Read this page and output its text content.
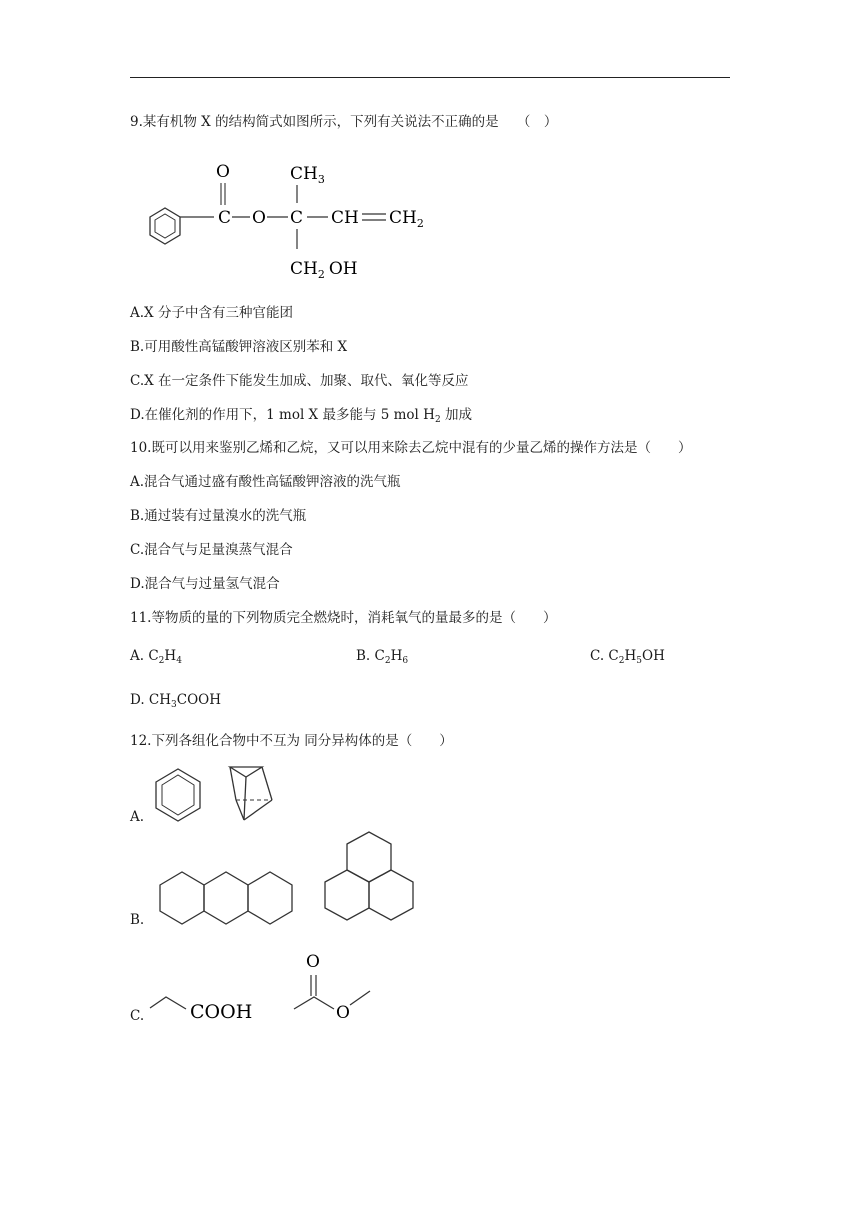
9.某有机物 X 的结构简式如图所示，下列有关说法不正确的是 （　）
C
O
O C
$CH_3$
$CH_2$ OH
CH $CH_2$
A.X 分子中含有三种官能团
B.可用酸性高锰酸钾溶液区别苯和 X
C.X 在一定条件下能发生加成、加聚、取代、氧化等反应
D.在催化剂的作用下，1 mol X 最多能与 5 mol $H_2$ 加成
10.既可以用来鉴别乙烯和乙烷，又可以用来除去乙烷中混有的少量乙烯的操作方法是（　　）
A.混合气通过盛有酸性高锰酸钾溶液的洗气瓶
B.通过装有过量溴水的洗气瓶
C.混合气与足量溴蒸气混合
D.混合气与过量氢气混合
11.等物质的量的下列物质完全燃烧时，消耗氧气的量最多的是（　　）
A. $C_2H_4$	B. $C_2H_6$	C. $C_2H_5OH$
D. $CH_3COOH$
12.下列各组化合物中不互为 同分异构体的是（　　）
A.
B.
C. COOH
O
O
